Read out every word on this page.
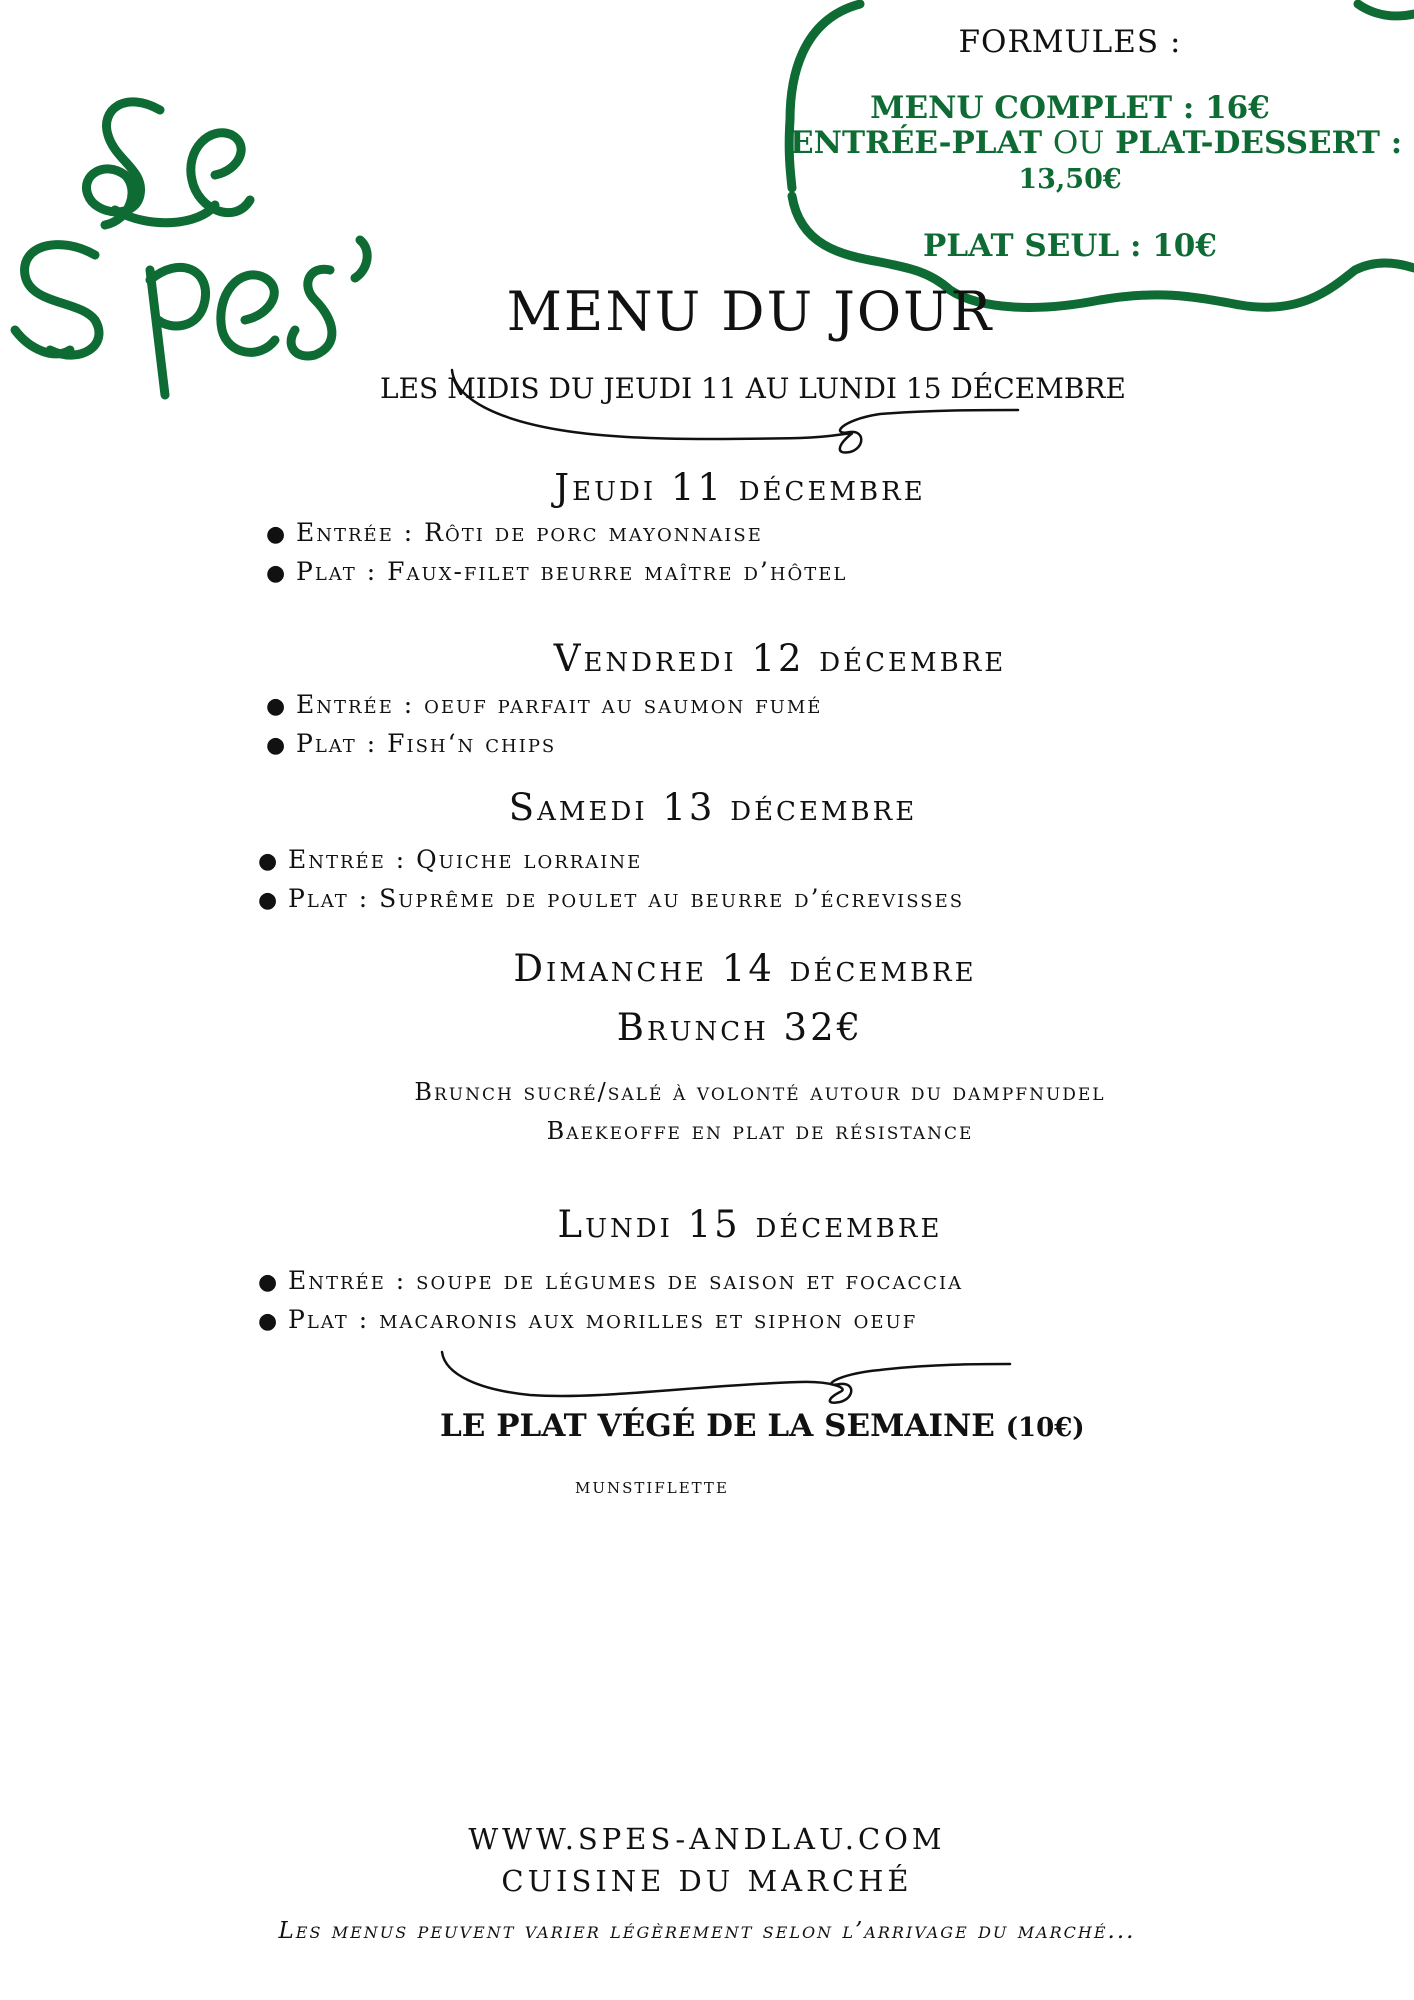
FORMULES :
MENU COMPLET : 16€
ENTRÉE-PLAT OU PLAT-DESSERT :
13,50€
PLAT SEUL : 10€
MENU DU JOUR
LES MIDIS DU JEUDI 11 AU LUNDI 15 DÉCEMBRE
Jeudi 11 décembre
● Entrée : Rôti de porc mayonnaise
● Plat : Faux-filet beurre maître d’hôtel
Vendredi 12 décembre
● Entrée : oeuf parfait au saumon fumé
● Plat : Fish‘n chips
Samedi 13 décembre
● Entrée : Quiche lorraine
● Plat : Suprême de poulet au beurre d’écrevisses
Dimanche 14 décembre
Brunch 32€
Brunch sucré/salé à volonté autour du dampfnudel
Baekeoffe en plat de résistance
Lundi 15 décembre
● Entrée : soupe de légumes de saison et focaccia
● Plat : macaronis aux morilles et siphon oeuf
LE PLAT VÉGÉ DE LA SEMAINE (10€)
munstiflette
WWW.SPES-ANDLAU.COM
CUISINE DU MARCHÉ
Les menus peuvent varier légèrement selon l’arrivage du marché...
